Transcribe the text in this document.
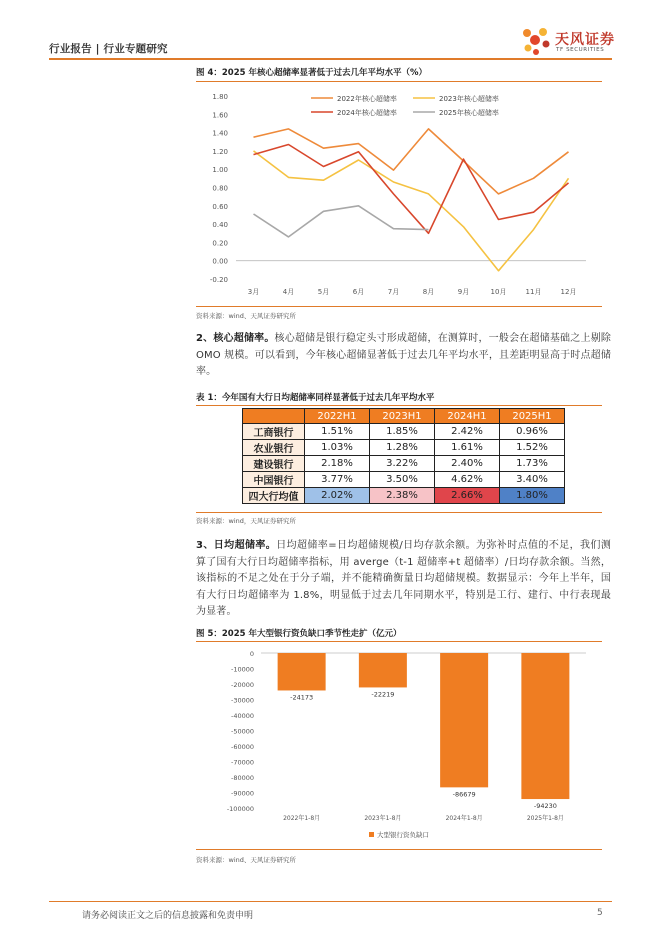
行业报告 | 行业专题研究
天风证券
TF SECURITIES
图 4：2025 年核心超储率显著低于过去几年平均水平（%）
-0.20
0.00
0.20
0.40
0.60
0.80
1.00
1.20
1.40
1.60
1.80
3月	4月	5月	6月	7月	8月	9月	10月	11月	12月
2022年核心超储率	2023年核心超储率
2024年核心超储率	2025年核心超储率
资料来源：wind、天风证券研究所
2、核心超储率。核心超储是银行稳定头寸形成超储，在测算时，一般会在超储基础之上剔除 OMO 规模。可以看到，今年核心超储显著低于过去几年平均水平，且差距明显高于时点超储率。
表 1：今年国有大行日均超储率同样显著低于过去几年平均水平
	2022H1	2023H1	2024H1	2025H1
工商银行	1.51%	1.85%	2.42%	0.96%
农业银行	1.03%	1.28%	1.61%	1.52%
建设银行	2.18%	3.22%	2.40%	1.73%
中国银行	3.77%	3.50%	4.62%	3.40%
四大行均值	2.02%	2.38%	2.66%	1.80%
资料来源：wind，天风证券研究所
3、日均超储率。日均超储率=日均超储规模/日均存款余额。为弥补时点值的不足，我们测算了国有大行日均超储率指标，用 averge（t-1 超储率+t 超储率）/日均存款余额。当然，该指标的不足之处在于分子端，并不能精确衡量日均超储规模。数据显示：今年上半年，国有大行日均超储率为 1.8%，明显低于过去几年同期水平，特别是工行、建行、中行表现最为显著。
图 5：2025 年大型银行资负缺口季节性走扩（亿元）
0
-10000
-20000
-30000
-40000
-50000
-60000
-70000
-80000
-90000
-100000
-24173
2022年1-8月
-22219
2023年1-8月
-86679
2024年1-8月
-94230
2025年1-8月
大型银行资负缺口
资料来源：wind、天风证券研究所
请务必阅读正文之后的信息披露和免责申明	5
